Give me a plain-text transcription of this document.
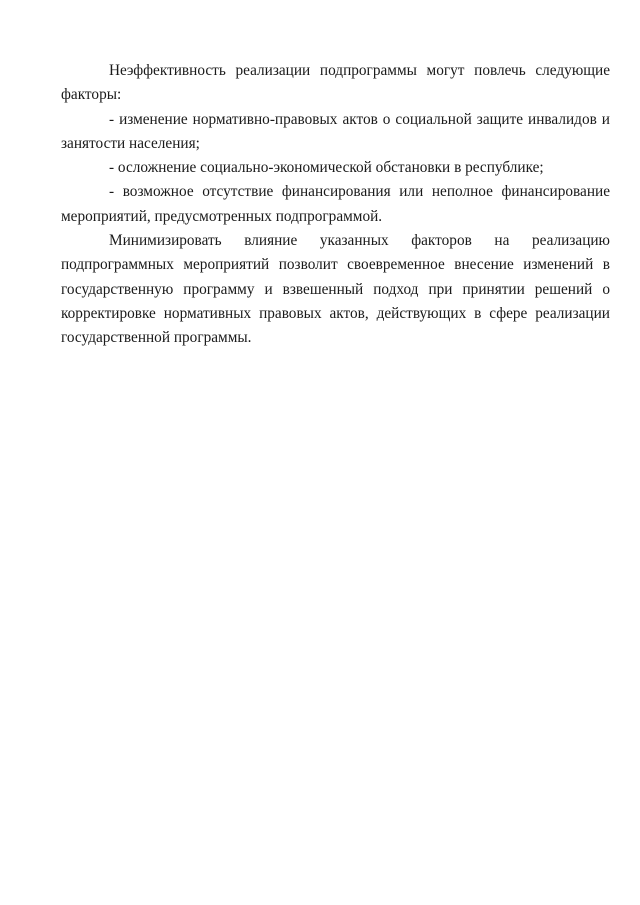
Неэффективность реализации подпрограммы могут повлечь следующие факторы:

- изменение нормативно-правовых актов о социальной защите инвалидов и занятости населения;

- осложнение социально-экономической обстановки в республике;

- возможное отсутствие финансирования или неполное финансирование мероприятий, предусмотренных подпрограммой.

Минимизировать влияние указанных факторов на реализацию подпрограммных мероприятий позволит своевременное внесение изменений в государственную программу и взвешенный подход при принятии решений о корректировке нормативных правовых актов, действующих в сфере реализации государственной программы.
